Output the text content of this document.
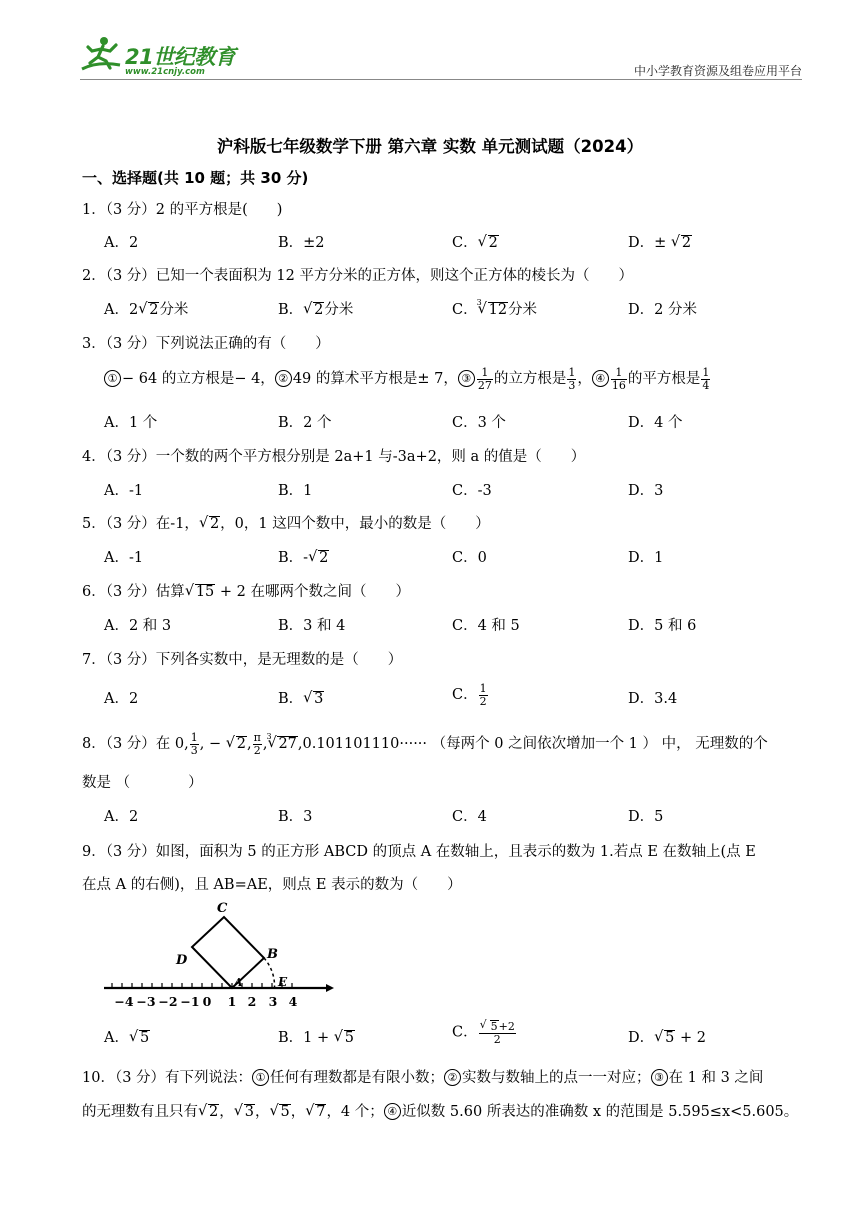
21世纪教育
www.21cnjy.com	中小学教育资源及组卷应用平台
沪科版七年级数学下册 第六章 实数 单元测试题（2024）
一、选择题(共 10 题；共 30 分)
1．（3 分）2 的平方根是(　　)
A．2	B．±2	C． √ 2	D．± √ 2
2．（3 分）已知一个表面积为 12 平方分米的正方体，则这个正方体的棱长为（　　）
A．2 √ 2分米	B． √ 2分米	C． 3 √ 12分米	D．2 分米
3．（3 分）下列说法正确的有（　　）
① − 64 的立方根是− 4， ② 49 的算术平方根是± 7， ③ $\frac{1}{27}$ 的立方根是 $\frac{1}{3}$ ， ④ $\frac{1}{16}$ 的平方根是 $\frac{1}{4}$
A．1 个	B．2 个	C．3 个	D．4 个
4．（3 分）一个数的两个平方根分别是 2a+1 与-3a+2，则 a 的值是（　　）
A．-1	B．1	C．-3	D．3
5．（3 分）在-1， √ 2，0，1 这四个数中，最小的数是（　　）
A．-1	B．- √ 2	C．0	D．1
6．（3 分）估算 √ 15 + 2 在哪两个数之间（　　）
A．2 和 3	B．3 和 4	C．4 和 5	D．5 和 6
7．（3 分）下列各实数中，是无理数的是（　　）
A．2	B． √ 3	C． $\frac{1}{2}$	D．3.4
8．（3 分）在 0, $\frac{1}{3}$ , − √ 2, $\frac{\pi}{2}$ , 3 √ 27,0.101101110······ （每两个 0 之间依次增加一个 1 ） 中， 无理数的个
数是 （　　　　）
A．2	B．3	C．4	D．5
9．（3 分）如图，面积为 5 的正方形 ABCD 的顶点 A 在数轴上，且表示的数为 1.若点 E 在数轴上(点 E
在点 A 的右侧)，且 AB=AE，则点 E 表示的数为（　　）
C
B
D
A	E
−4 −3 −2 −1 0 1 2 3 4
A． √ 5	B．1 + √ 5	C． √ $\frac{5+2}{2}$	D． √ 5 + 2
10．（3 分）有下列说法： ① 任何有理数都是有限小数； ② 实数与数轴上的点一一对应； ③ 在 1 和 3 之间
的无理数有且只有 √ 2， √ 3， √ 5， √ 7，4 个； ④ 近似数 5.60 所表达的准确数 x 的范围是 5.595≤x<5.605。
